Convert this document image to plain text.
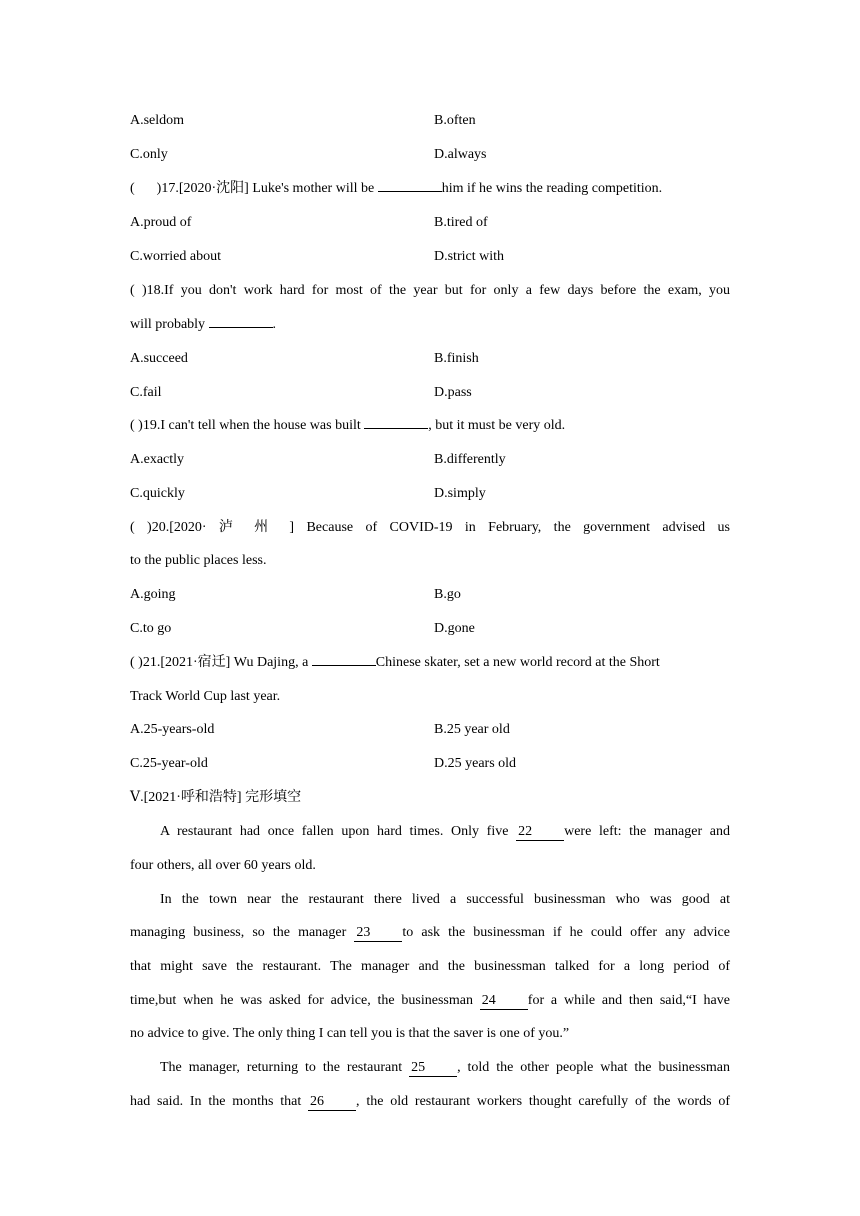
A.seldom	B.often
C.only	D.always
( )17.[2020·沈阳] Luke's mother will be	him if he wins the reading competition.
A.proud of	B.tired of
C.worried about	D.strict with
( )18.If you don't work hard for most of the year but for only a few days before the exam, you
will probably	.
A.succeed	B.finish
C.fail	D.pass
( )19.I can't tell when the house was built	, but it must be very old.
A.exactly	B.differently
C.quickly	D.simply
( )20.[2020· 泸 州 ] Because of COVID-19 in February, the government advised us
to the public places less.
A.going	B.go
C.to go	D.gone
( )21.[2021·宿迁] Wu Dajing, a	Chinese skater, set a new world record at the Short
Track World Cup last year.
A.25-years-old	B.25 year old
C.25-year-old	D.25 years old
Ⅴ.[2021·呼和浩特] 完形填空
A restaurant had once fallen upon hard times. Only five 22 were left: the manager and
four others, all over 60 years old.
In the town near the restaurant there lived a successful businessman who was good at
managing business, so the manager 23 to ask the businessman if he could offer any advice
that might save the restaurant. The manager and the businessman talked for a long period of
time,but when he was asked for advice, the businessman 24 for a while and then said,“I have
no advice to give. The only thing I can tell you is that the saver is one of you.”
The manager, returning to the restaurant 25 , told the other people what the businessman
had said. In the months that 26 , the old restaurant workers thought carefully of the words of
